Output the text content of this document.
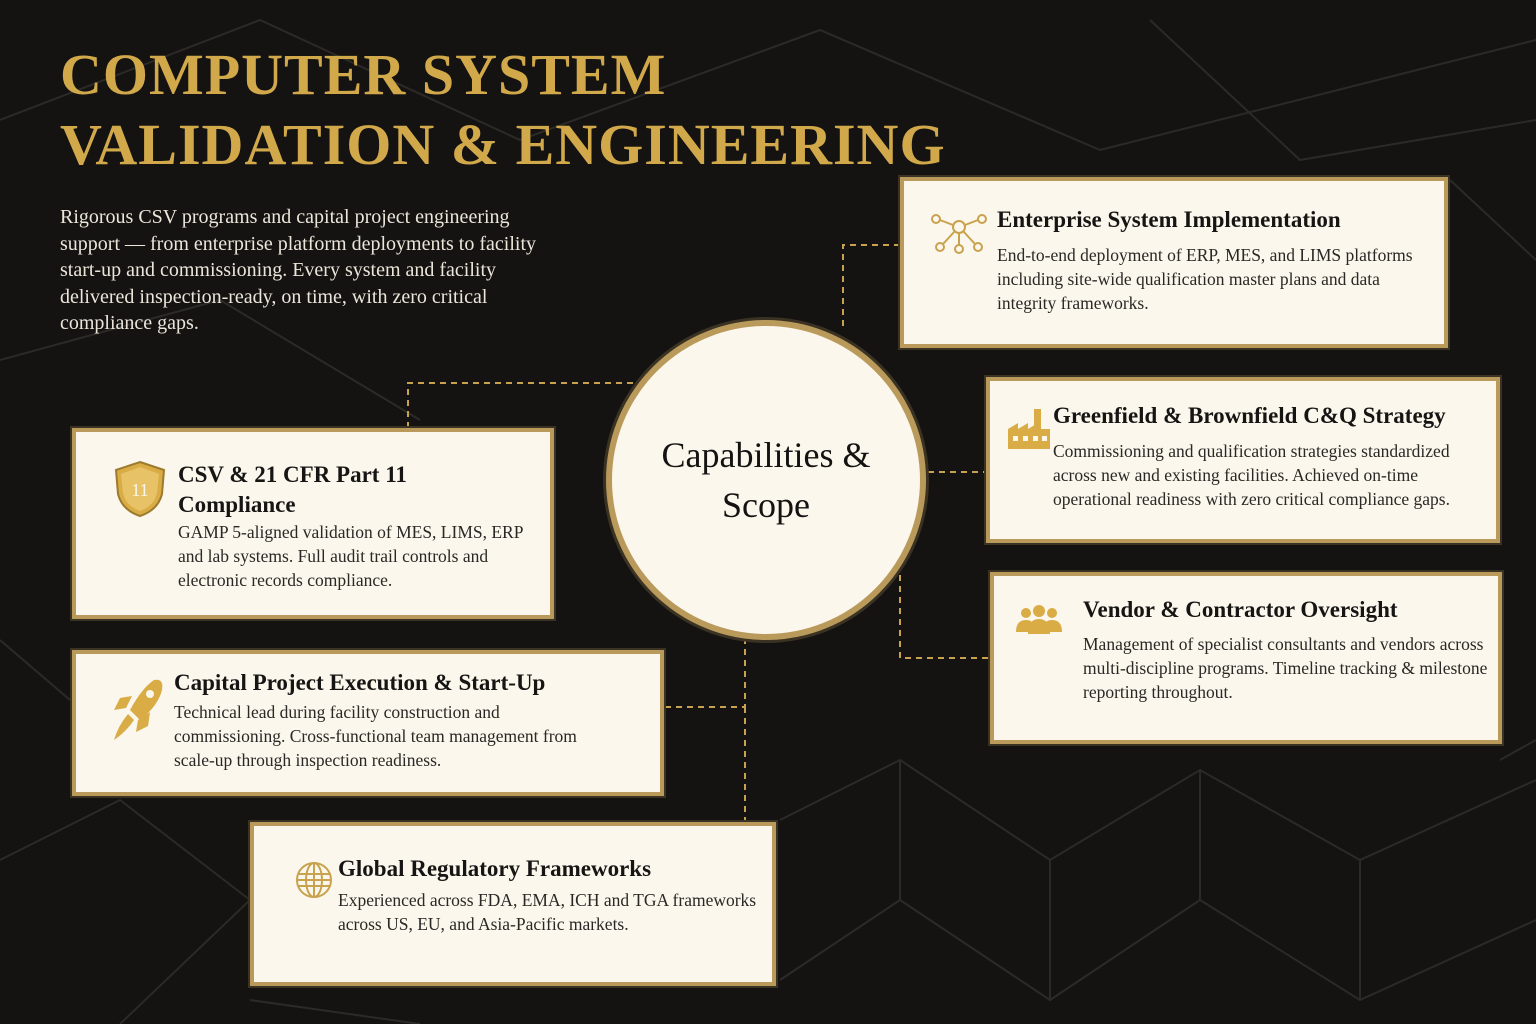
COMPUTER SYSTEM
VALIDATION & ENGINEERING

Rigorous CSV programs and capital project engineering support — from enterprise platform deployments to facility start-up and commissioning. Every system and facility delivered inspection-ready, on time, with zero critical compliance gaps.

Capabilities & Scope
Enterprise System Implementation

End-to-end deployment of ERP, MES, and LIMS platforms including site-wide qualification master plans and data integrity frameworks.

Greenfield & Brownfield C&Q Strategy

Commissioning and qualification strategies standardized across new and existing facilities. Achieved on-time operational readiness with zero critical compliance gaps.

Vendor & Contractor Oversight

Management of specialist consultants and vendors across multi-discipline programs. Timeline tracking & milestone reporting throughout.

11
CSV & 21 CFR Part 11 Compliance

GAMP 5-aligned validation of MES, LIMS, ERP and lab systems. Full audit trail controls and electronic records compliance.

Capital Project Execution & Start-Up

Technical lead during facility construction and commissioning. Cross-functional team management from scale-up through inspection readiness.

Global Regulatory Frameworks

Experienced across FDA, EMA, ICH and TGA frameworks across US, EU, and Asia-Pacific markets.
